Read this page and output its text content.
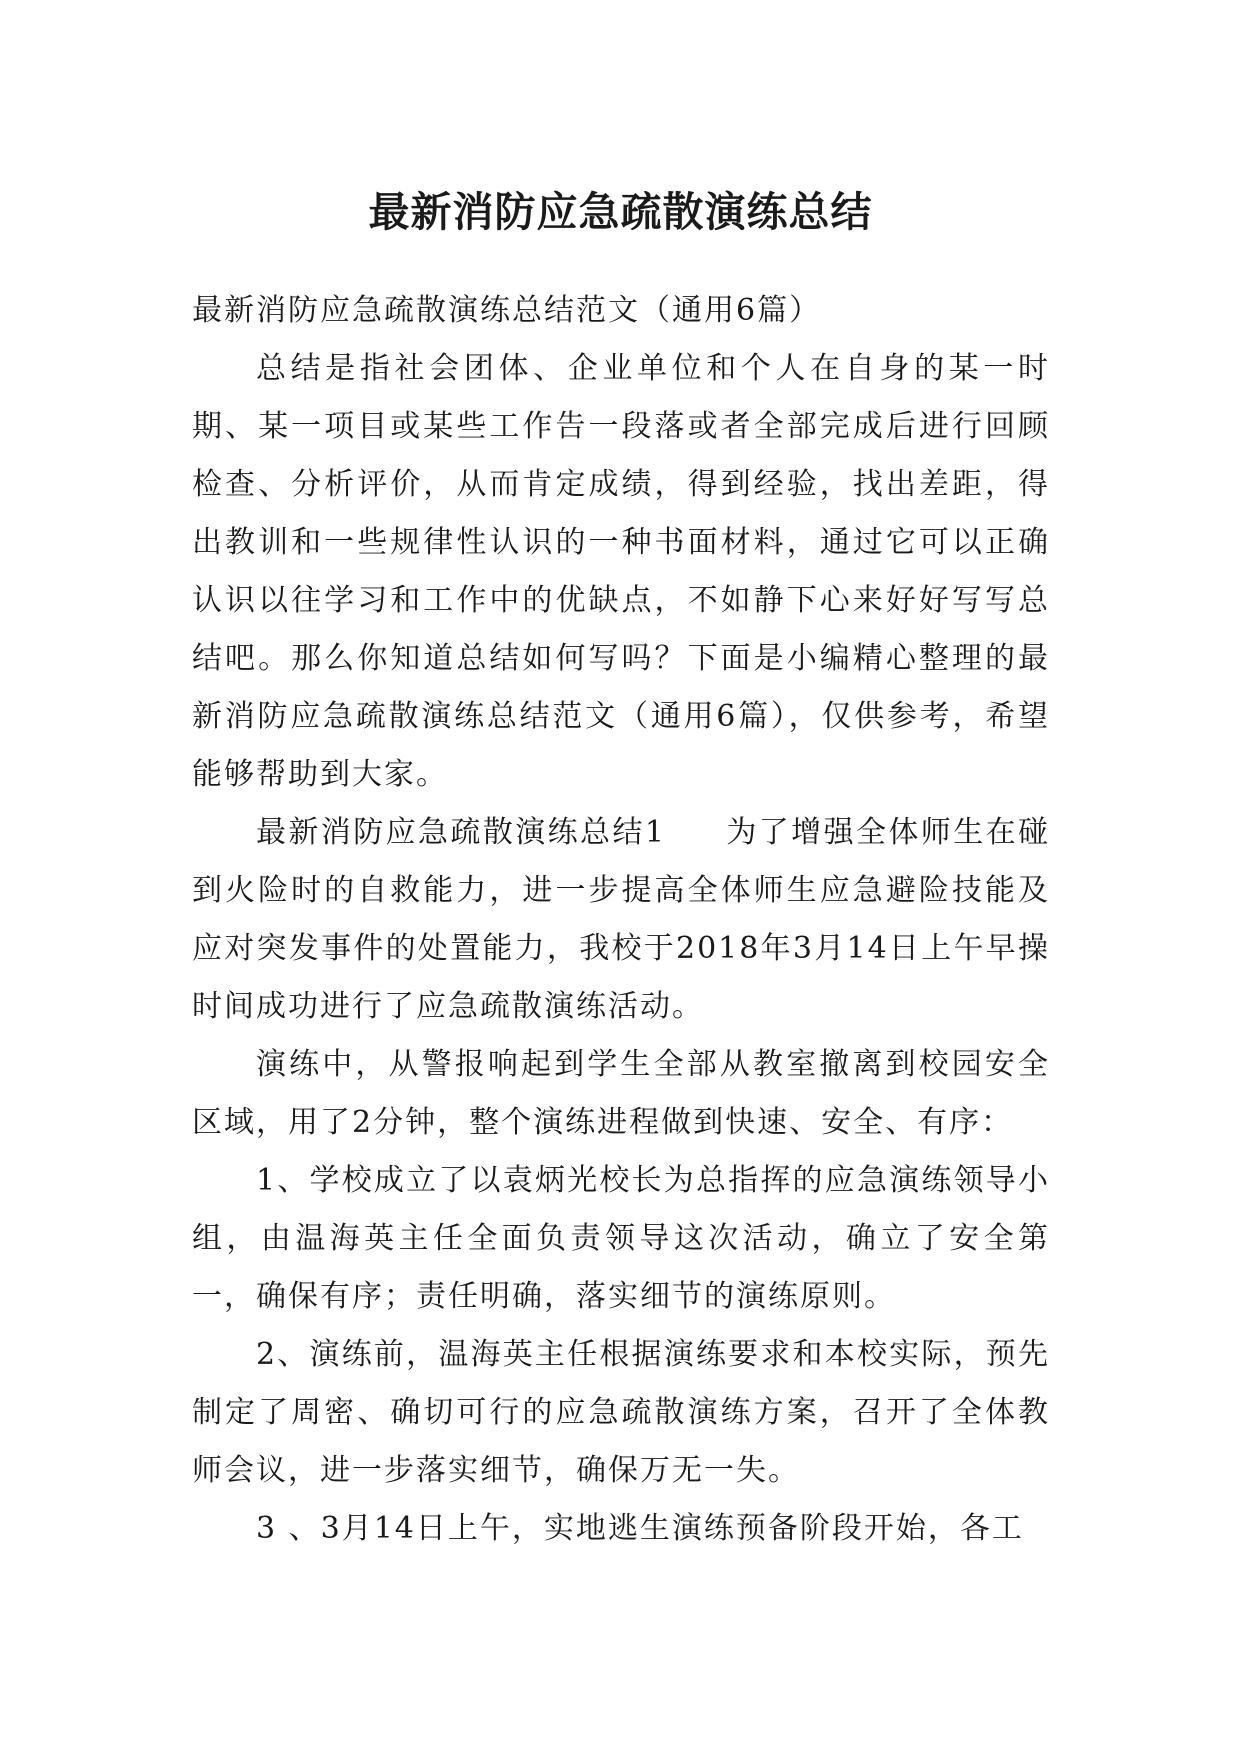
最新消防应急疏散演练总结

最新消防应急疏散演练总结范文（通用6篇）

总结是指社会团体、企业单位和个人在自身的某一时期、某一项目或某些工作告一段落或者全部完成后进行回顾检查、分析评价，从而肯定成绩，得到经验，找出差距，得出教训和一些规律性认识的一种书面材料，通过它可以正确认识以往学习和工作中的优缺点，不如静下心来好好写写总结吧。那么你知道总结如何写吗？下面是小编精心整理的最新消防应急疏散演练总结范文（通用6篇），仅供参考，希望能够帮助到大家。

最新消防应急疏散演练总结1 为了增强全体师生在碰到火险时的自救能力，进一步提高全体师生应急避险技能及应对突发事件的处置能力，我校于2018年3月14日上午早操时间成功进行了应急疏散演练活动。

演练中，从警报响起到学生全部从教室撤离到校园安全区域，用了2分钟，整个演练进程做到快速、安全、有序：

1、学校成立了以袁炳光校长为总指挥的应急演练领导小组，由温海英主任全面负责领导这次活动，确立了安全第一，确保有序；责任明确，落实细节的演练原则。

2、演练前，温海英主任根据演练要求和本校实际，预先制定了周密、确切可行的应急疏散演练方案，召开了全体教师会议，进一步落实细节，确保万无一失。

3 、3月14日上午，实地逃生演练预备阶段开始，各工
